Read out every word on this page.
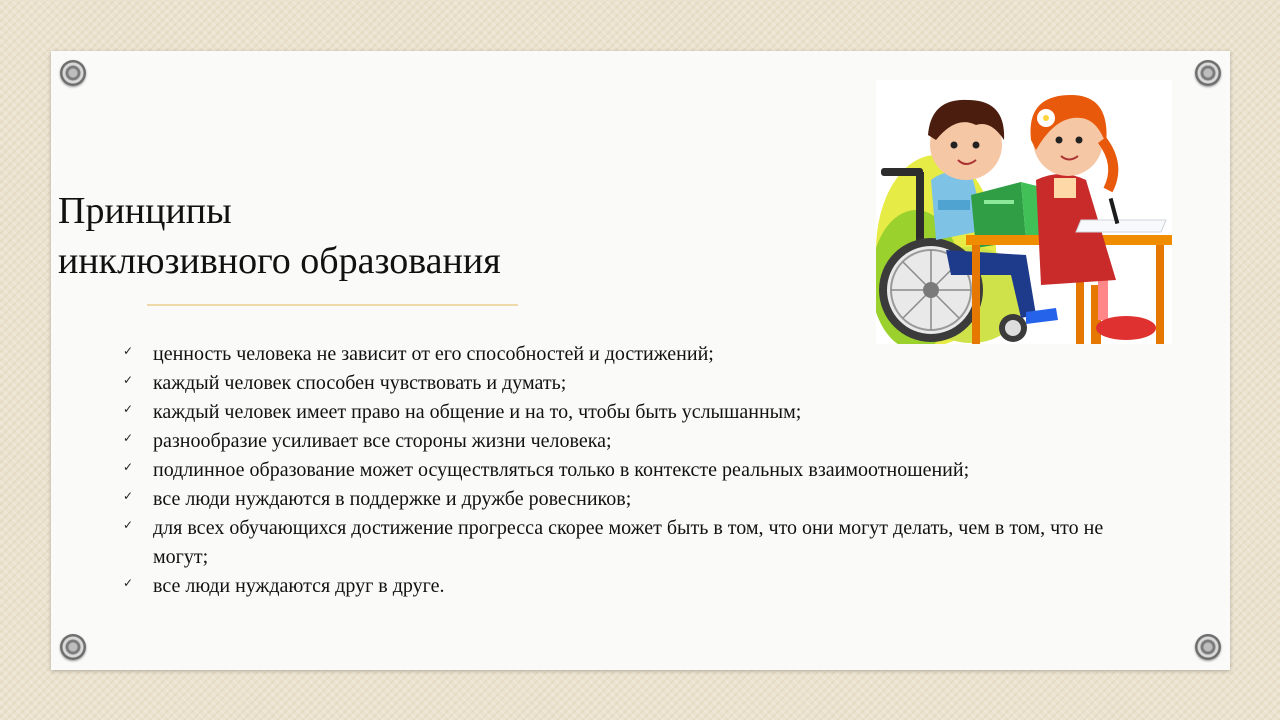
Принципы
инклюзивного образования
✓ ценность человека не зависит от его способностей и достижений;
✓ каждый человек способен чувствовать и думать;
✓ каждый человек имеет право на общение и на то, чтобы быть услышанным;
✓ разнообразие усиливает все стороны жизни человека;
✓ подлинное образование может осуществляться только в контексте реальных взаимоотношений;
✓ все люди нуждаются в поддержке и дружбе ровесников;
✓ для всех обучающихся достижение прогресса скорее может быть в том, что они могут делать, чем в том, что не могут;
✓ все люди нуждаются друг в друге.
